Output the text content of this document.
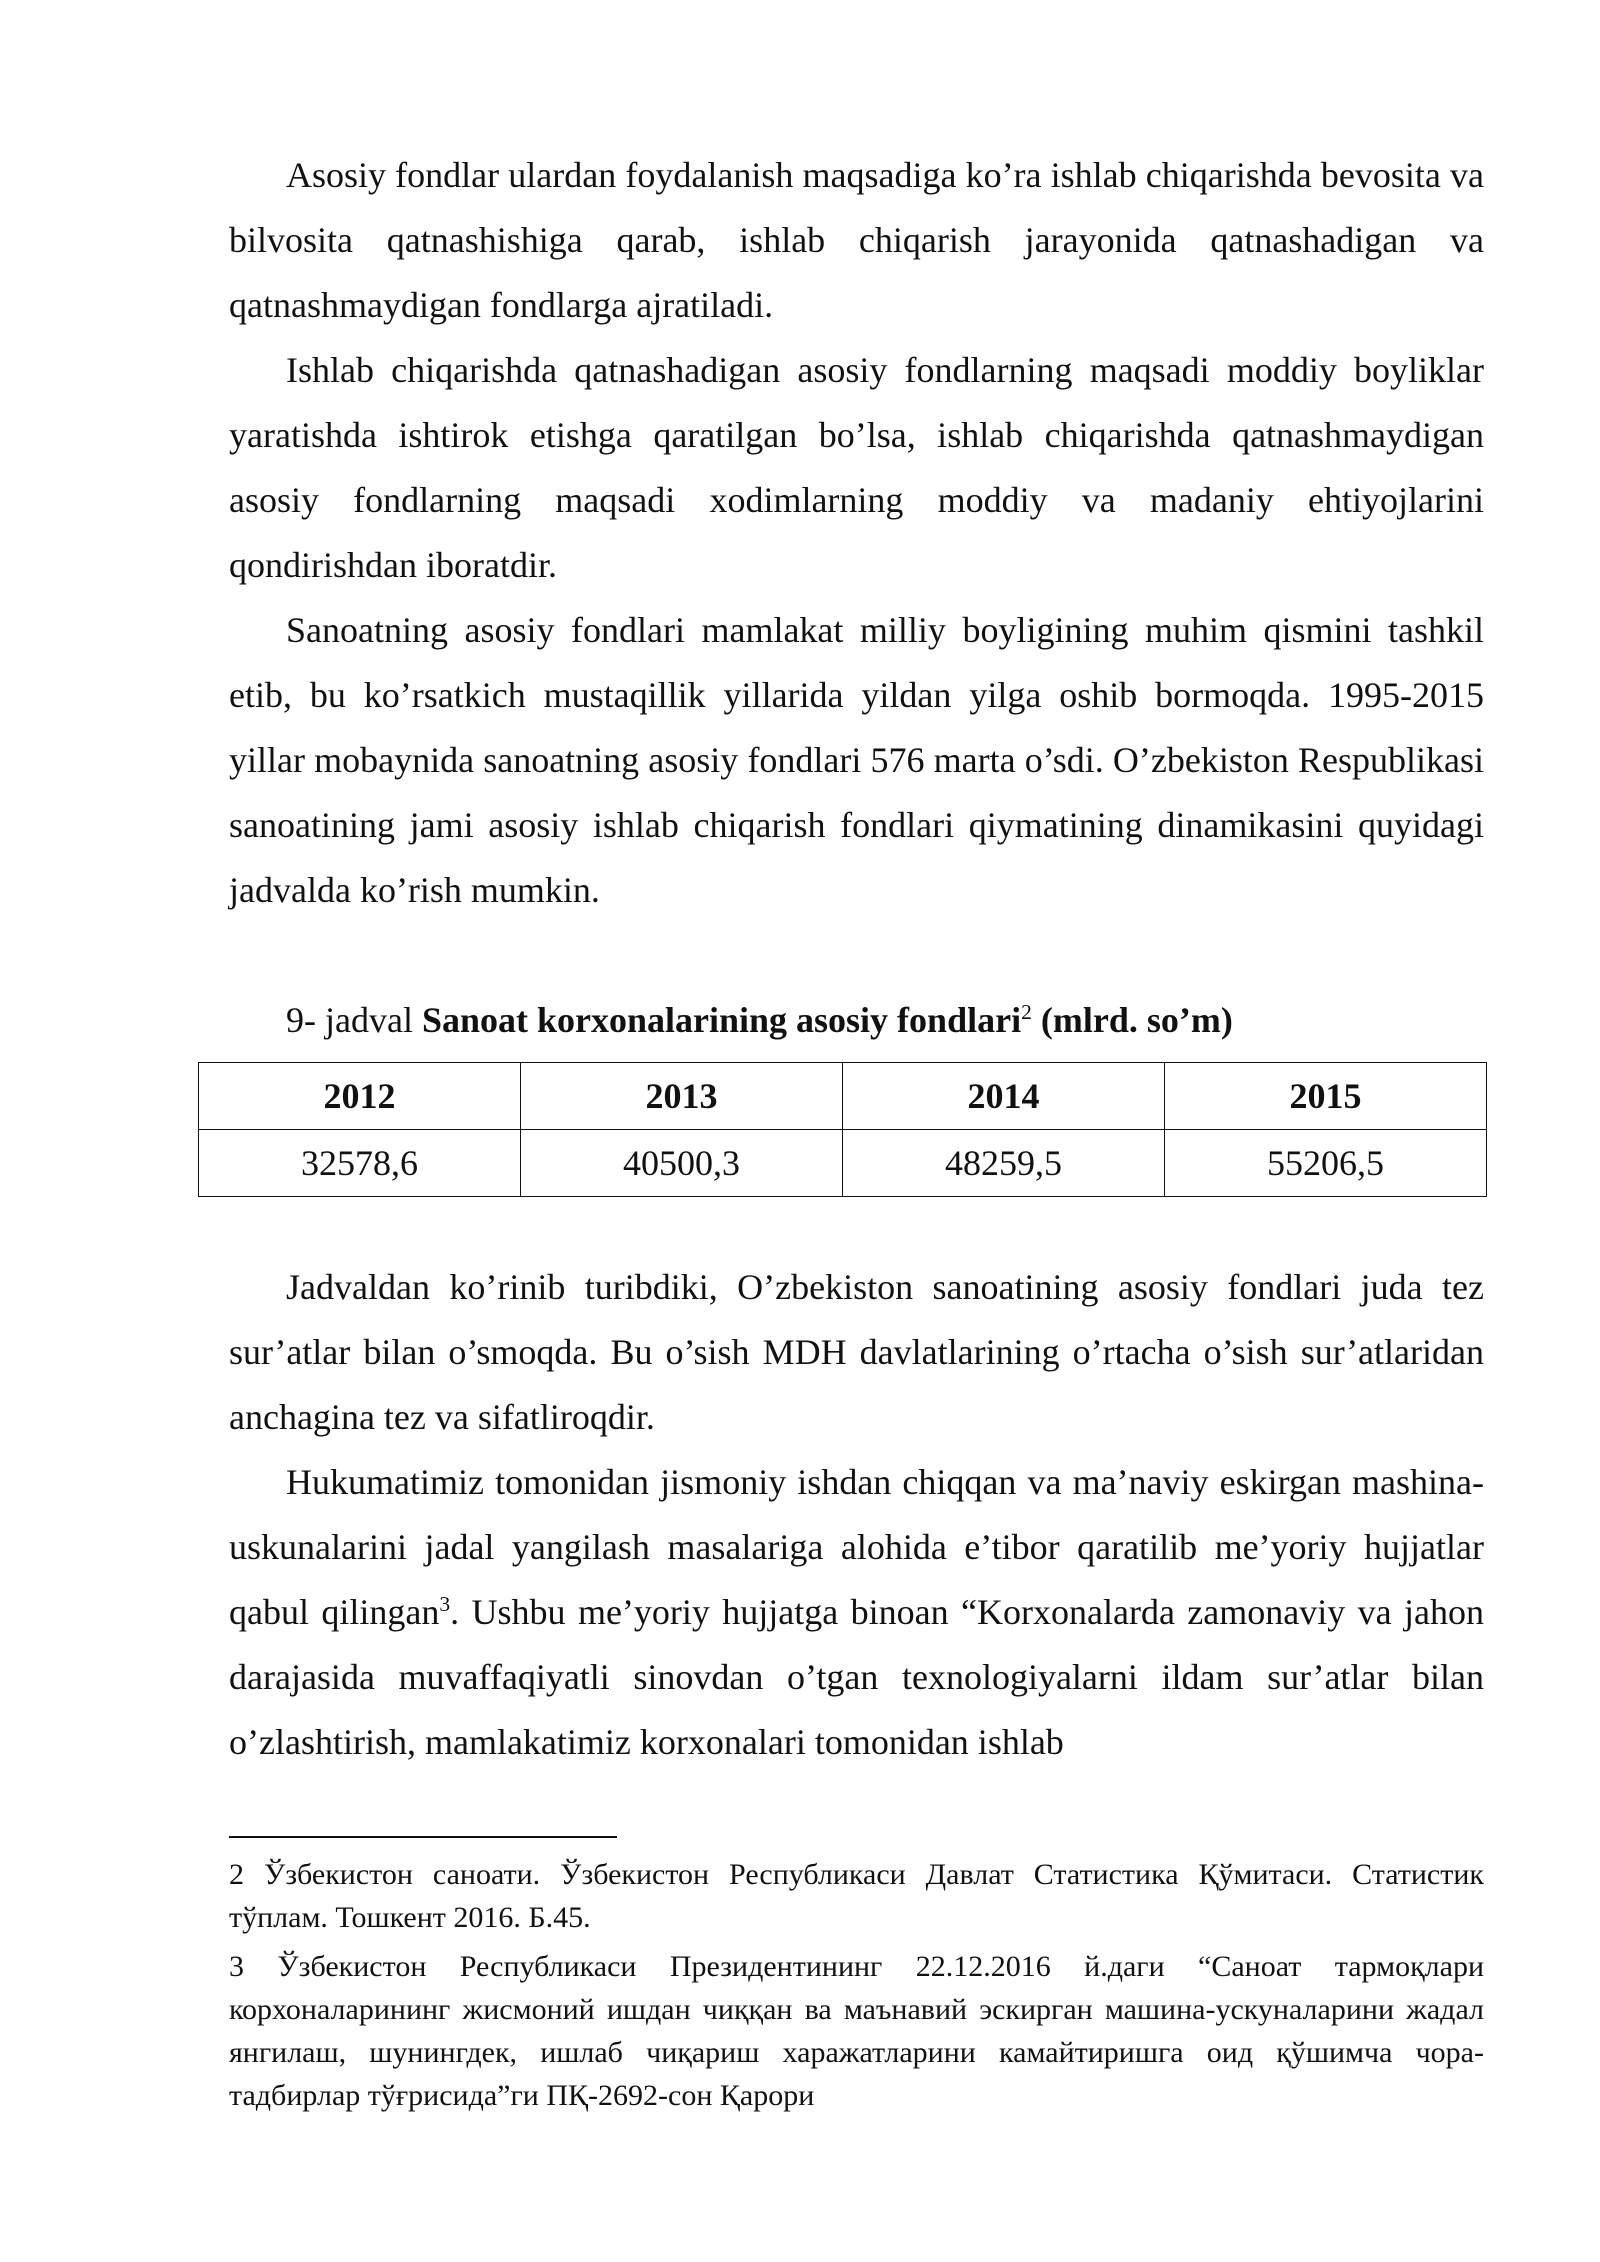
Asosiy fondlar ulardan foydalanish maqsadiga ko’ra ishlab chiqarishda bevosita va bilvosita qatnashishiga qarab, ishlab chiqarish jarayonida qatnashadigan va qatnashmaydigan fondlarga ajratiladi.

Ishlab chiqarishda qatnashadigan asosiy fondlarning maqsadi moddiy boyliklar yaratishda ishtirok etishga qaratilgan bo’lsa, ishlab chiqarishda qatnashmaydigan asosiy fondlarning maqsadi xodimlarning moddiy va madaniy ehtiyojlarini qondirishdan iboratdir.

Sanoatning asosiy fondlari mamlakat milliy boyligining muhim qismini tashkil etib, bu ko’rsatkich mustaqillik yillarida yildan yilga oshib bormoqda. 1995-2015 yillar mobaynida sanoatning asosiy fondlari 576 marta o’sdi. O’zbekiston Respublikasi sanoatining jami asosiy ishlab chiqarish fondlari qiymatining dinamikasini quyidagi jadvalda ko’rish mumkin.

9- jadval Sanoat korxonalarining asosiy fondlari$^2$ (mlrd. so’m)
2012	2013	2014	2015
32578,6	40500,3	48259,5	55206,5

Jadvaldan ko’rinib turibdiki, O’zbekiston sanoatining asosiy fondlari juda tez sur’atlar bilan o’smoqda. Bu o’sish MDH davlatlarining o’rtacha o’sish sur’atlaridan anchagina tez va sifatliroqdir.

Hukumatimiz tomonidan jismoniy ishdan chiqqan va ma’naviy eskirgan mashina-uskunalarini jadal yangilash masalariga alohida e’tibor qaratilib me’yoriy hujjatlar qabul qilingan$^3$. Ushbu me’yoriy hujjatga binoan “Korxonalarda zamonaviy va jahon darajasida muvaffaqiyatli sinovdan o’tgan texnologiyalarni ildam sur’atlar bilan o’zlashtirish, mamlakatimiz korxonalari tomonidan ishlab

2 Ўзбекистон саноати. Ўзбекистон Республикаси Давлат Статистика Қўмитаси. Статистик тўплам. Тошкент 2016. Б.45.

3 Ўзбекистон Республикаси Президентининг 22.12.2016 й.даги “Саноат тармоқлари корхоналарининг жисмоний ишдан чиққан ва маънавий эскирган машина-ускуналарини жадал янгилаш, шунингдек, ишлаб чиқариш харажатларини камайтиришга оид қўшимча чора-тадбирлар тўғрисида”ги ПҚ-2692-сон Қарори
